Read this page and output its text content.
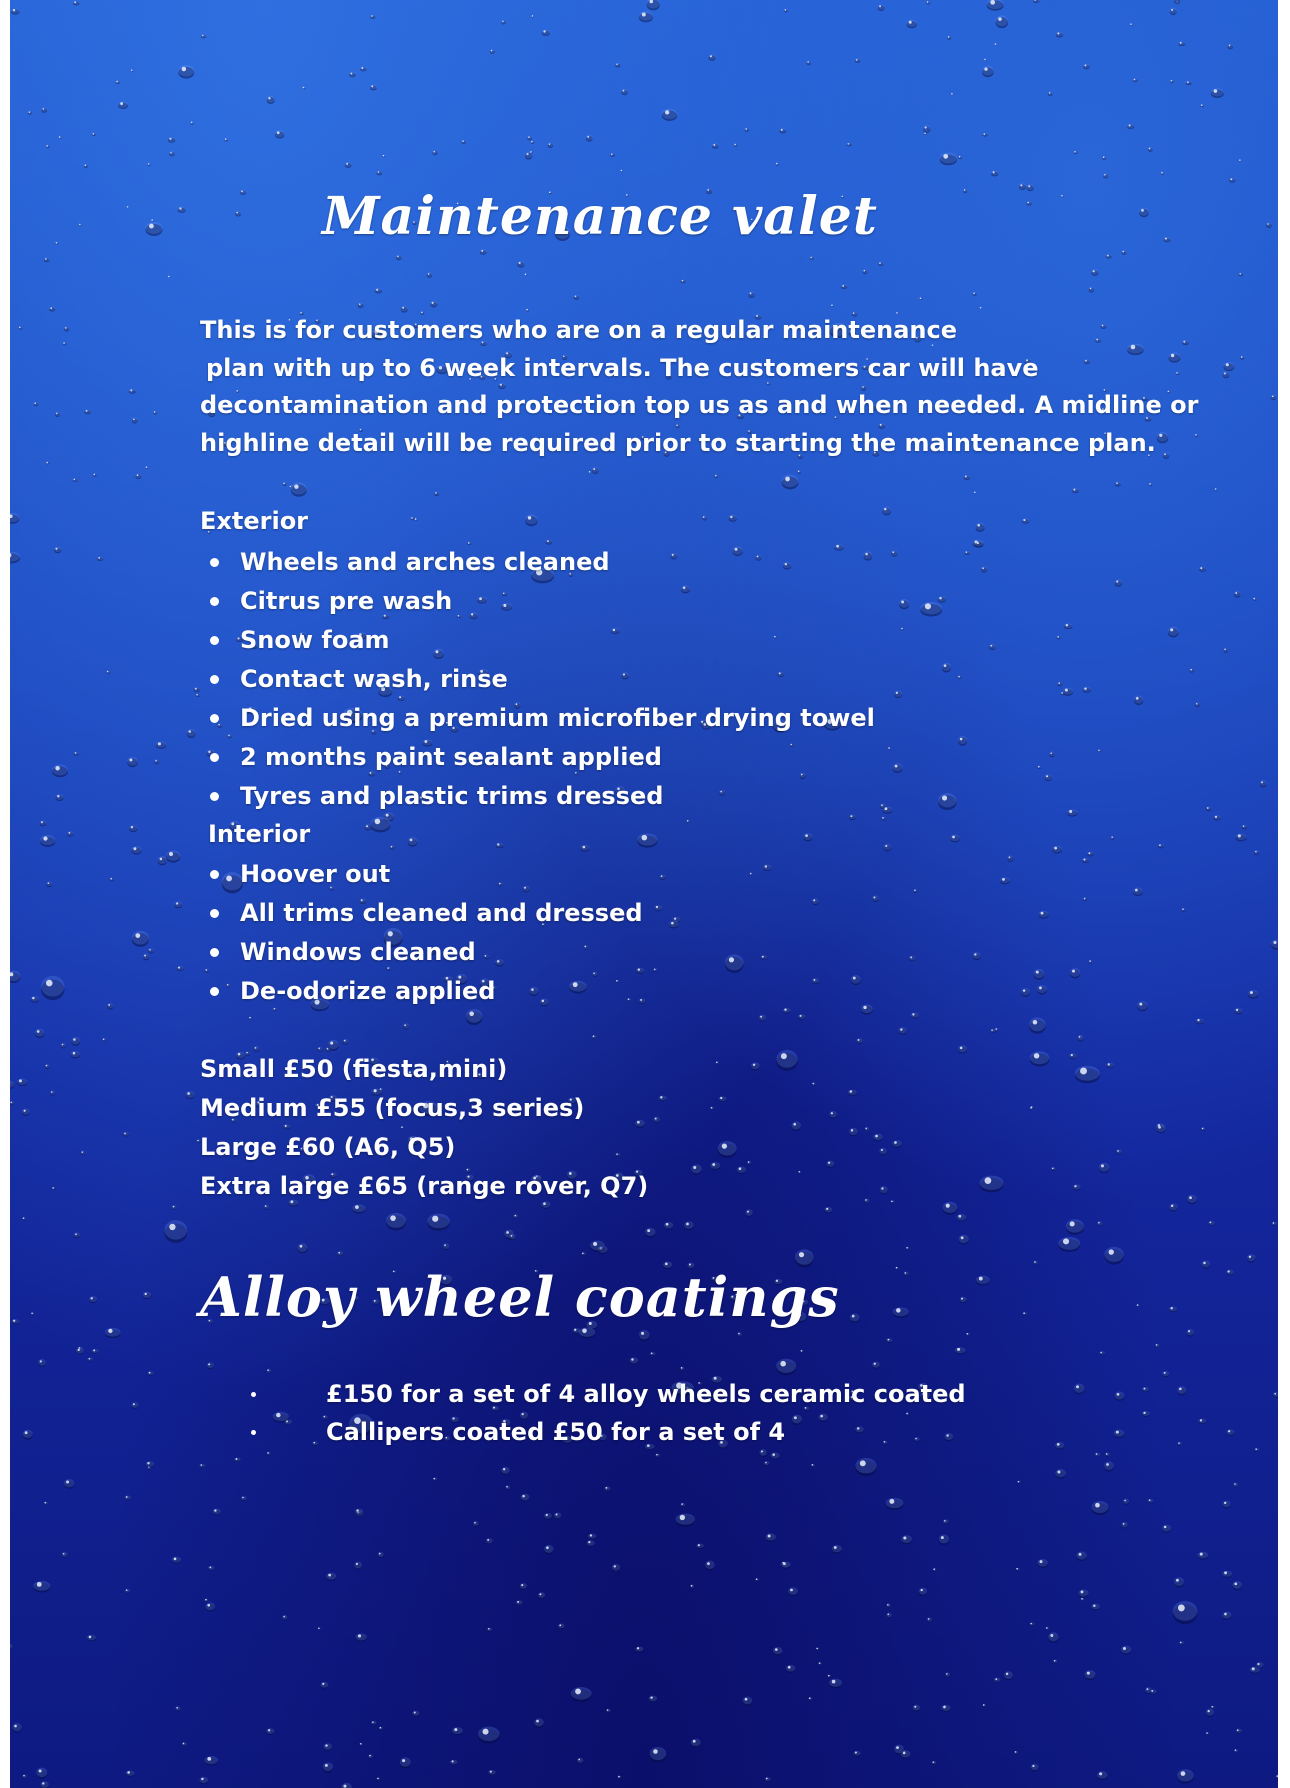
Maintenance valet
This is for customers who are on a regular maintenance
plan with up to 6 week intervals. The customers car will have
decontamination and protection top us as and when needed. A midline or
highline detail will be required prior to starting the maintenance plan.
Exterior
Wheels and arches cleaned
Citrus pre wash
Snow foam
Contact wash, rinse
Dried using a premium microfiber drying towel
2 months paint sealant applied
Tyres and plastic trims dressed
Interior
Hoover out
All trims cleaned and dressed
Windows cleaned
De-odorize applied
Small £50 (fiesta,mini)
Medium £55 (focus,3 series)
Large £60 (A6, Q5)
Extra large £65 (range rover, Q7)
Alloy wheel coatings
£150 for a set of 4 alloy wheels ceramic coated
Callipers coated £50 for a set of 4
